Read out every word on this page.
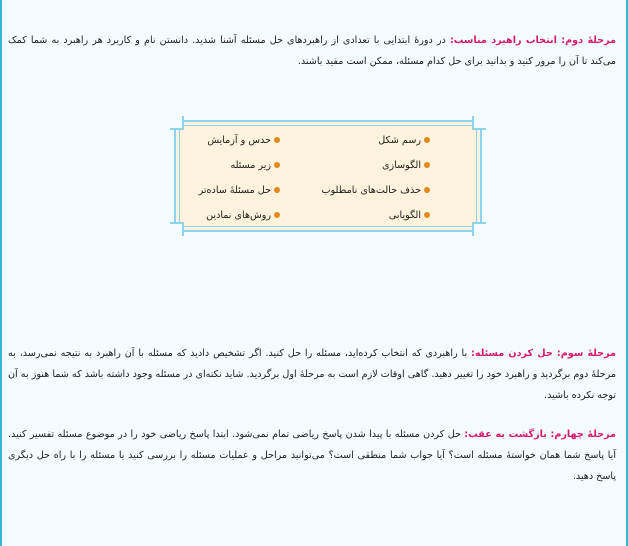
مرحلهٔ دوم: انتخاب راهبرد مناسب: در دورهٔ ابتدایی با تعدادی از راهبردهای حل مسئله آشنا شدید. دانستن نام و کاربرد هر راهبرد به شما کمک می‌کند تا آن را مرور کنید و بدانید برای حل کدام مسئله، ممکن است مفید باشند.
رسم شکل
الگوسازی
حذف حالت‌های نامطلوب
الگویابی
حدس و آزمایش
زیر مسئله
حل مسئلهٔ ساده‌تر
روش‌های نمادین
مرحلهٔ سوم: حل کردن مسئله: با راهبردی که انتخاب کرده‌اید، مسئله را حل کنید. اگر تشخیص دادید که مسئله با آن راهبرد به نتیجه نمی‌رسد، به مرحلهٔ دوم برگردید و راهبرد خود را تغییر دهید. گاهی اوقات لازم است به مرحلهٔ اول برگردید. شاید نکته‌ای در مسئله وجود داشته باشد که شما هنوز به آن توجه نکرده باشید.
مرحلهٔ چهارم: بازگشت به عقب: حل کردن مسئله با پیدا شدن پاسخ ریاضی تمام نمی‌شود. ابتدا پاسخ ریاضی خود را در موضوع مسئله تفسیر کنید. آیا پاسخ شما همان خواستهٔ مسئله است؟ آیا جواب شما منطقی است؟ می‌توانید مراحل و عملیات مسئله را بررسی کنید یا مسئله را با راه حل دیگری پاسخ دهید.
